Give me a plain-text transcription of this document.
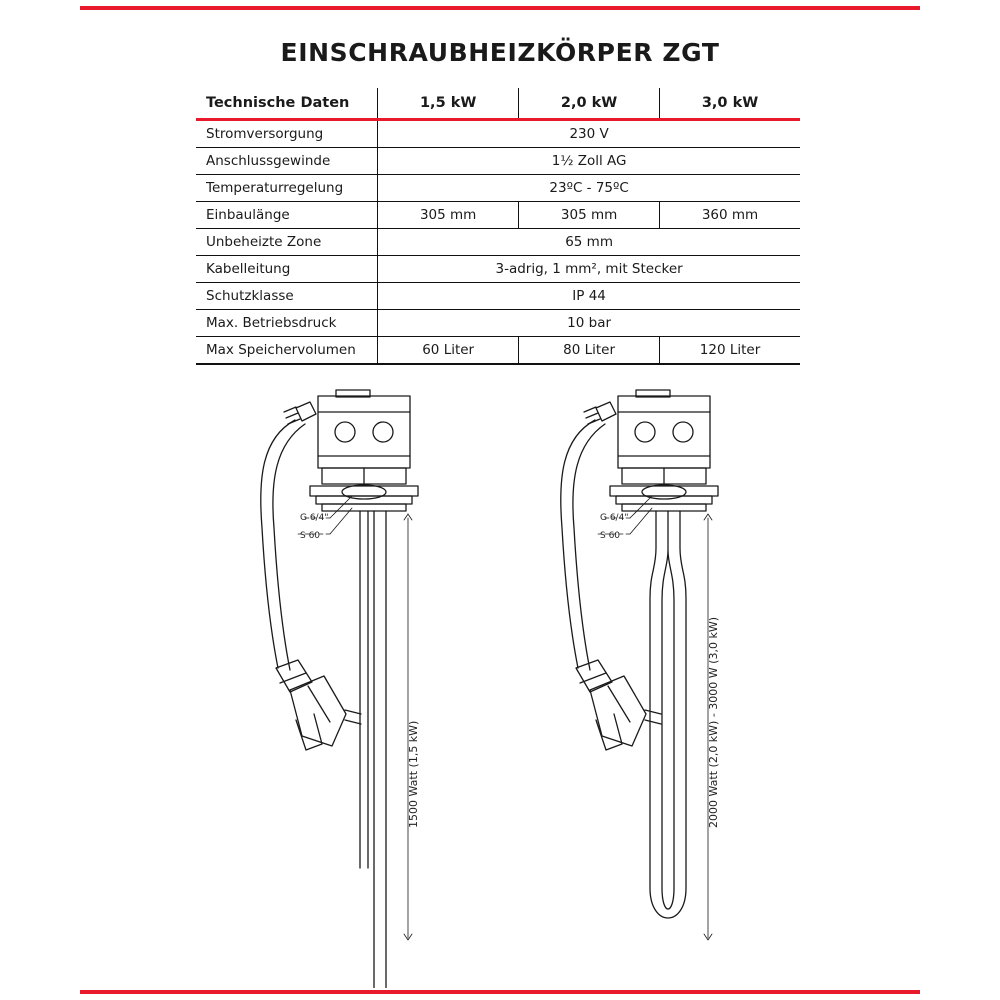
EINSCHRAUBHEIZKÖRPER ZGT
Technische Daten	1,5 kW	2,0 kW	3,0 kW
Stromversorgung	230 V		
Anschlussgewinde	1½ Zoll AG		
Temperaturregelung	23ºC - 75ºC		
Einbaulänge	305 mm	305 mm	360 mm
Unbeheizte Zone	65 mm		
Kabelleitung	3-adrig, 1 mm², mit Stecker		
Schutzklasse	IP 44		
Max. Betriebsdruck	10 bar		
Max Speichervolumen	60 Liter	80 Liter	120 Liter
G 6/4"
S 60
1500 Watt (1,5 kW)
G 6/4"
S 60
2000 Watt (2,0 kW) - 3000 W (3,0 kW)
